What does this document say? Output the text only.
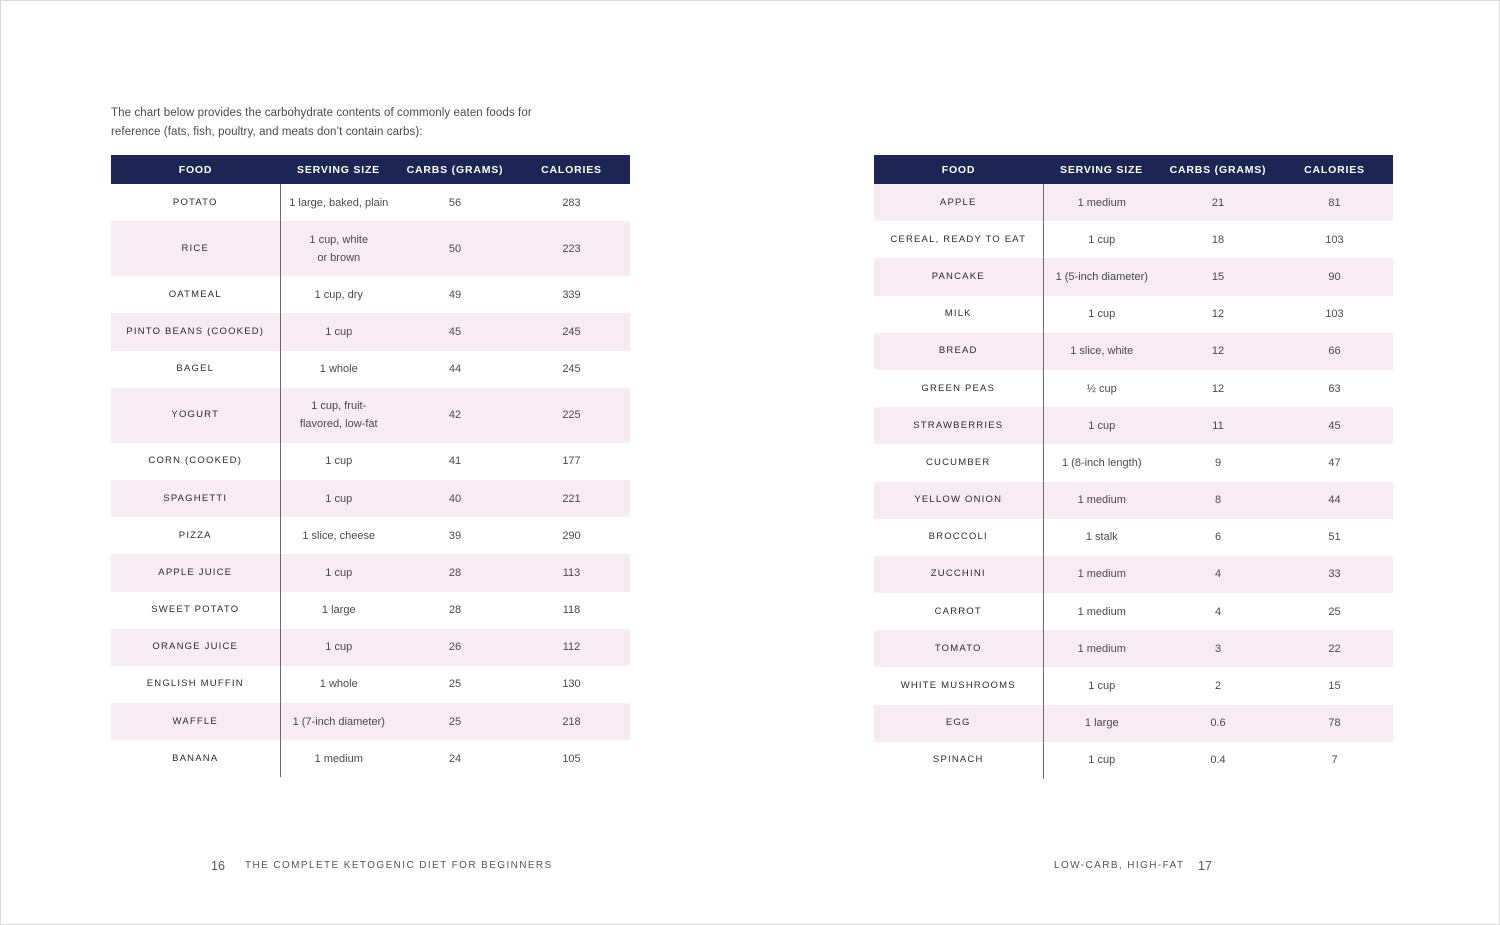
The chart below provides the carbohydrate contents of commonly eaten foods for
reference (fats, fish, poultry, and meats don’t contain carbs):

FOOD	SERVING SIZE	CARBS (GRAMS)	CALORIES
POTATO	1 large, baked, plain	56	283
RICE	1 cup, white
or brown	50	223
OATMEAL	1 cup, dry	49	339
PINTO BEANS (COOKED)	1 cup	45	245
BAGEL	1 whole	44	245
YOGURT	1 cup, fruit-
flavored, low-fat	42	225
CORN (COOKED)	1 cup	41	177
SPAGHETTI	1 cup	40	221
PIZZA	1 slice, cheese	39	290
APPLE JUICE	1 cup	28	113
SWEET POTATO	1 large	28	118
ORANGE JUICE	1 cup	26	112
ENGLISH MUFFIN	1 whole	25	130
WAFFLE	1 (7-inch diameter)	25	218
BANANA	1 medium	24	105
FOOD	SERVING SIZE	CARBS (GRAMS)	CALORIES
APPLE	1 medium	21	81
CEREAL, READY TO EAT	1 cup	18	103
PANCAKE	1 (5-inch diameter)	15	90
MILK	1 cup	12	103
BREAD	1 slice, white	12	66
GREEN PEAS	½ cup	12	63
STRAWBERRIES	1 cup	11	45
CUCUMBER	1 (8-inch length)	9	47
YELLOW ONION	1 medium	8	44
BROCCOLI	1 stalk	6	51
ZUCCHINI	1 medium	4	33
CARROT	1 medium	4	25
TOMATO	1 medium	3	22
WHITE MUSHROOMS	1 cup	2	15
EGG	1 large	0.6	78
SPINACH	1 cup	0.4	7
16 THE COMPLETE KETOGENIC DIET FOR BEGINNERS	LOW-CARB, HIGH-FAT 17
